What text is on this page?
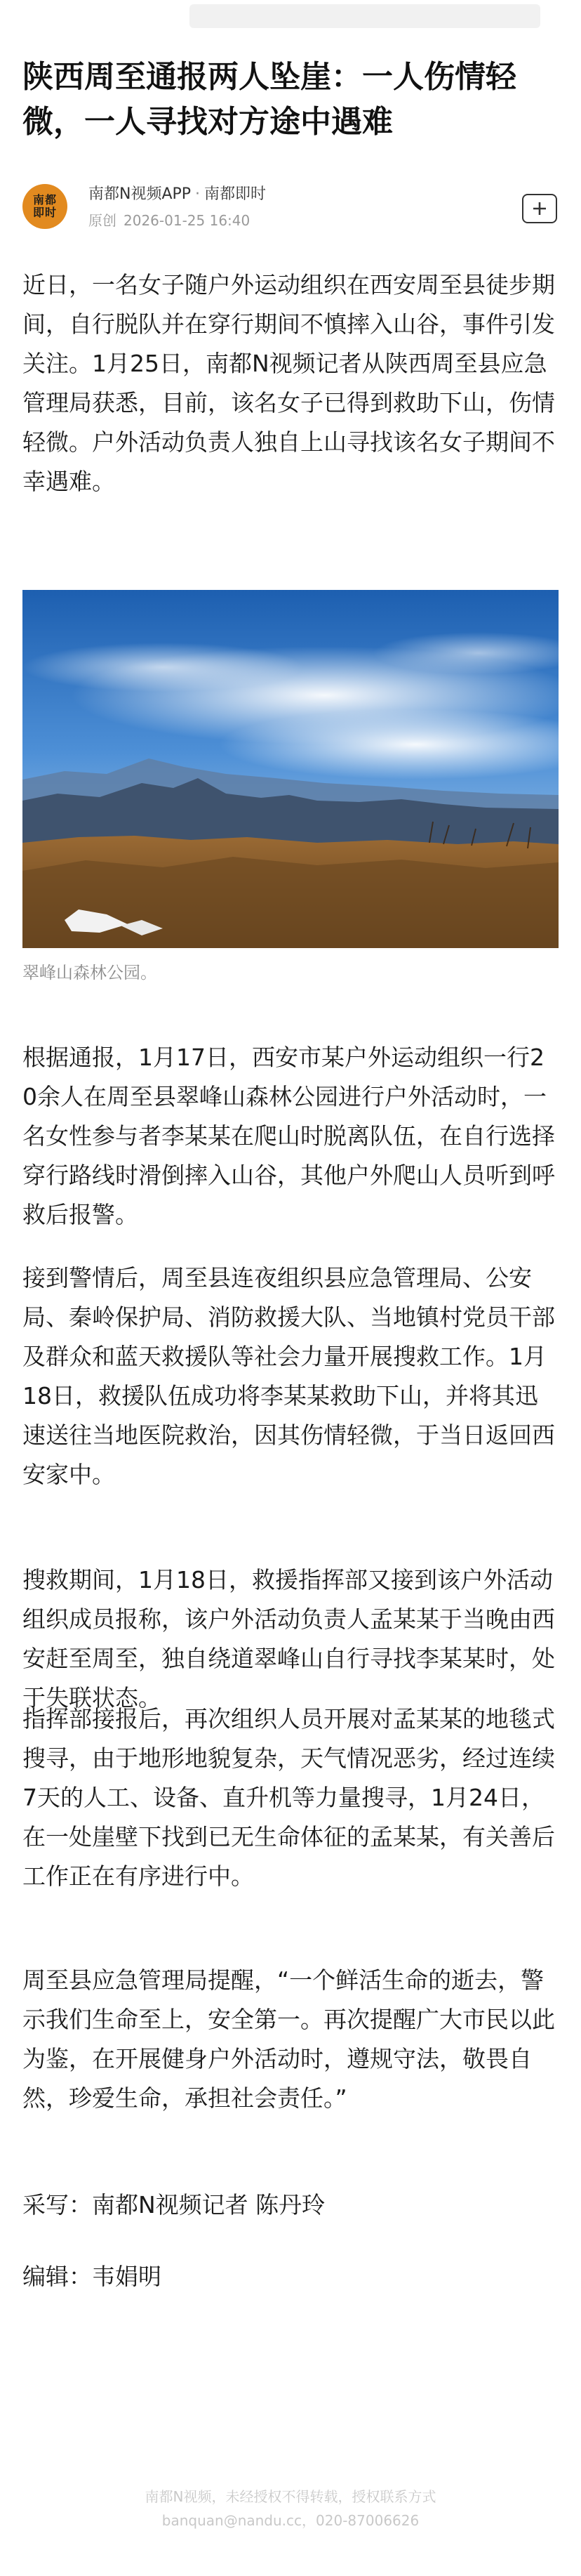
陕西周至通报两人坠崖：一人伤情轻微，一人寻找对方途中遇难
南都
即时
南都N视频APP · 南都即时
原创 2026-01-25 16:40

近日，一名女子随户外运动组织在西安周至县徒步期间，自行脱队并在穿行期间不慎摔入山谷，事件引发关注。1月25日，南都N视频记者从陕西周至县应急管理局获悉，目前，该名女子已得到救助下山，伤情轻微。户外活动负责人独自上山寻找该名女子期间不幸遇难。

翠峰山森林公园。

根据通报，1月17日，西安市某户外运动组织一行20余人在周至县翠峰山森林公园进行户外活动时，一名女性参与者李某某在爬山时脱离队伍，在自行选择穿行路线时滑倒摔入山谷，其他户外爬山人员听到呼救后报警。

接到警情后，周至县连夜组织县应急管理局、公安局、秦岭保护局、消防救援大队、当地镇村党员干部及群众和蓝天救援队等社会力量开展搜救工作。1月18日，救援队伍成功将李某某救助下山，并将其迅速送往当地医院救治，因其伤情轻微，于当日返回西安家中。

搜救期间，1月18日，救援指挥部又接到该户外活动组织成员报称，该户外活动负责人孟某某于当晚由西安赶至周至，独自绕道翠峰山自行寻找李某某时，处于失联状态。

指挥部接报后，再次组织人员开展对孟某某的地毯式搜寻，由于地形地貌复杂，天气情况恶劣，经过连续7天的人工、设备、直升机等力量搜寻，1月24日，在一处崖壁下找到已无生命体征的孟某某，有关善后工作正在有序进行中。

周至县应急管理局提醒，“一个鲜活生命的逝去，警示我们生命至上，安全第一。再次提醒广大市民以此为鉴，在开展健身户外活动时，遵规守法，敬畏自然，珍爱生命，承担社会责任。”

采写：南都N视频记者 陈丹玲

编辑：韦娟明

南都N视频，未经授权不得转载，授权联系方式
banquan@nandu.cc，020-87006626
